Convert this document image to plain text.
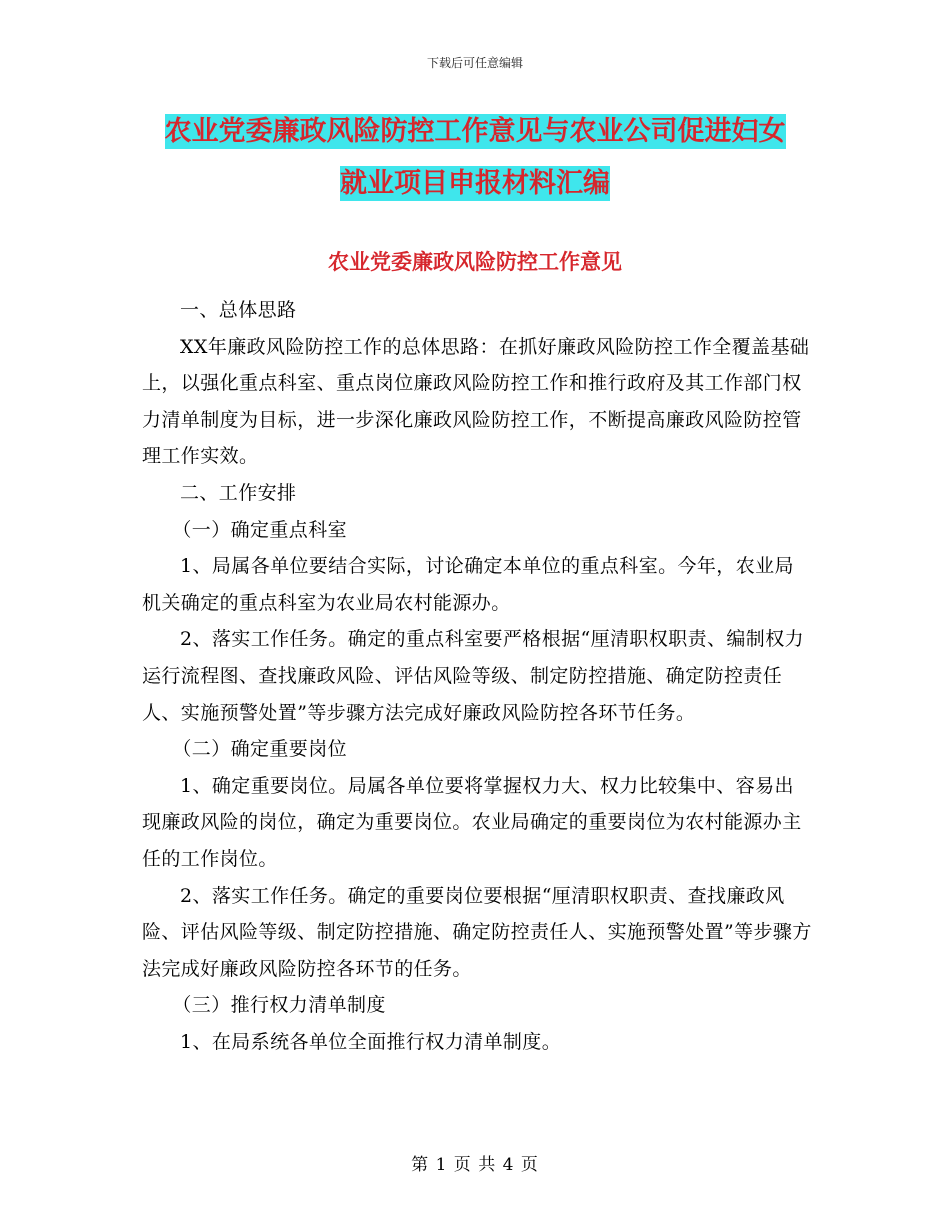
下载后可任意编辑
农业党委廉政风险防控工作意见与农业公司促进妇女
就业项目申报材料汇编
农业党委廉政风险防控工作意见

一、总体思路

XX年廉政风险防控工作的总体思路：在抓好廉政风险防控工作全覆盖基础上，以强化重点科室、重点岗位廉政风险防控工作和推行政府及其工作部门权力清单制度为目标，进一步深化廉政风险防控工作，不断提高廉政风险防控管理工作实效。

二、工作安排

（一）确定重点科室

1、局属各单位要结合实际，讨论确定本单位的重点科室。今年，农业局机关确定的重点科室为农业局农村能源办。

2、落实工作任务。确定的重点科室要严格根据“厘清职权职责、编制权力运行流程图、查找廉政风险、评估风险等级、制定防控措施、确定防控责任人、实施预警处置”等步骤方法完成好廉政风险防控各环节任务。

（二）确定重要岗位

1、确定重要岗位。局属各单位要将掌握权力大、权力比较集中、容易出现廉政风险的岗位，确定为重要岗位。农业局确定的重要岗位为农村能源办主任的工作岗位。

2、落实工作任务。确定的重要岗位要根据“厘清职权职责、查找廉政风险、评估风险等级、制定防控措施、确定防控责任人、实施预警处置”等步骤方法完成好廉政风险防控各环节的任务。

（三）推行权力清单制度

1、在局系统各单位全面推行权力清单制度。

第 1 页 共 4 页
